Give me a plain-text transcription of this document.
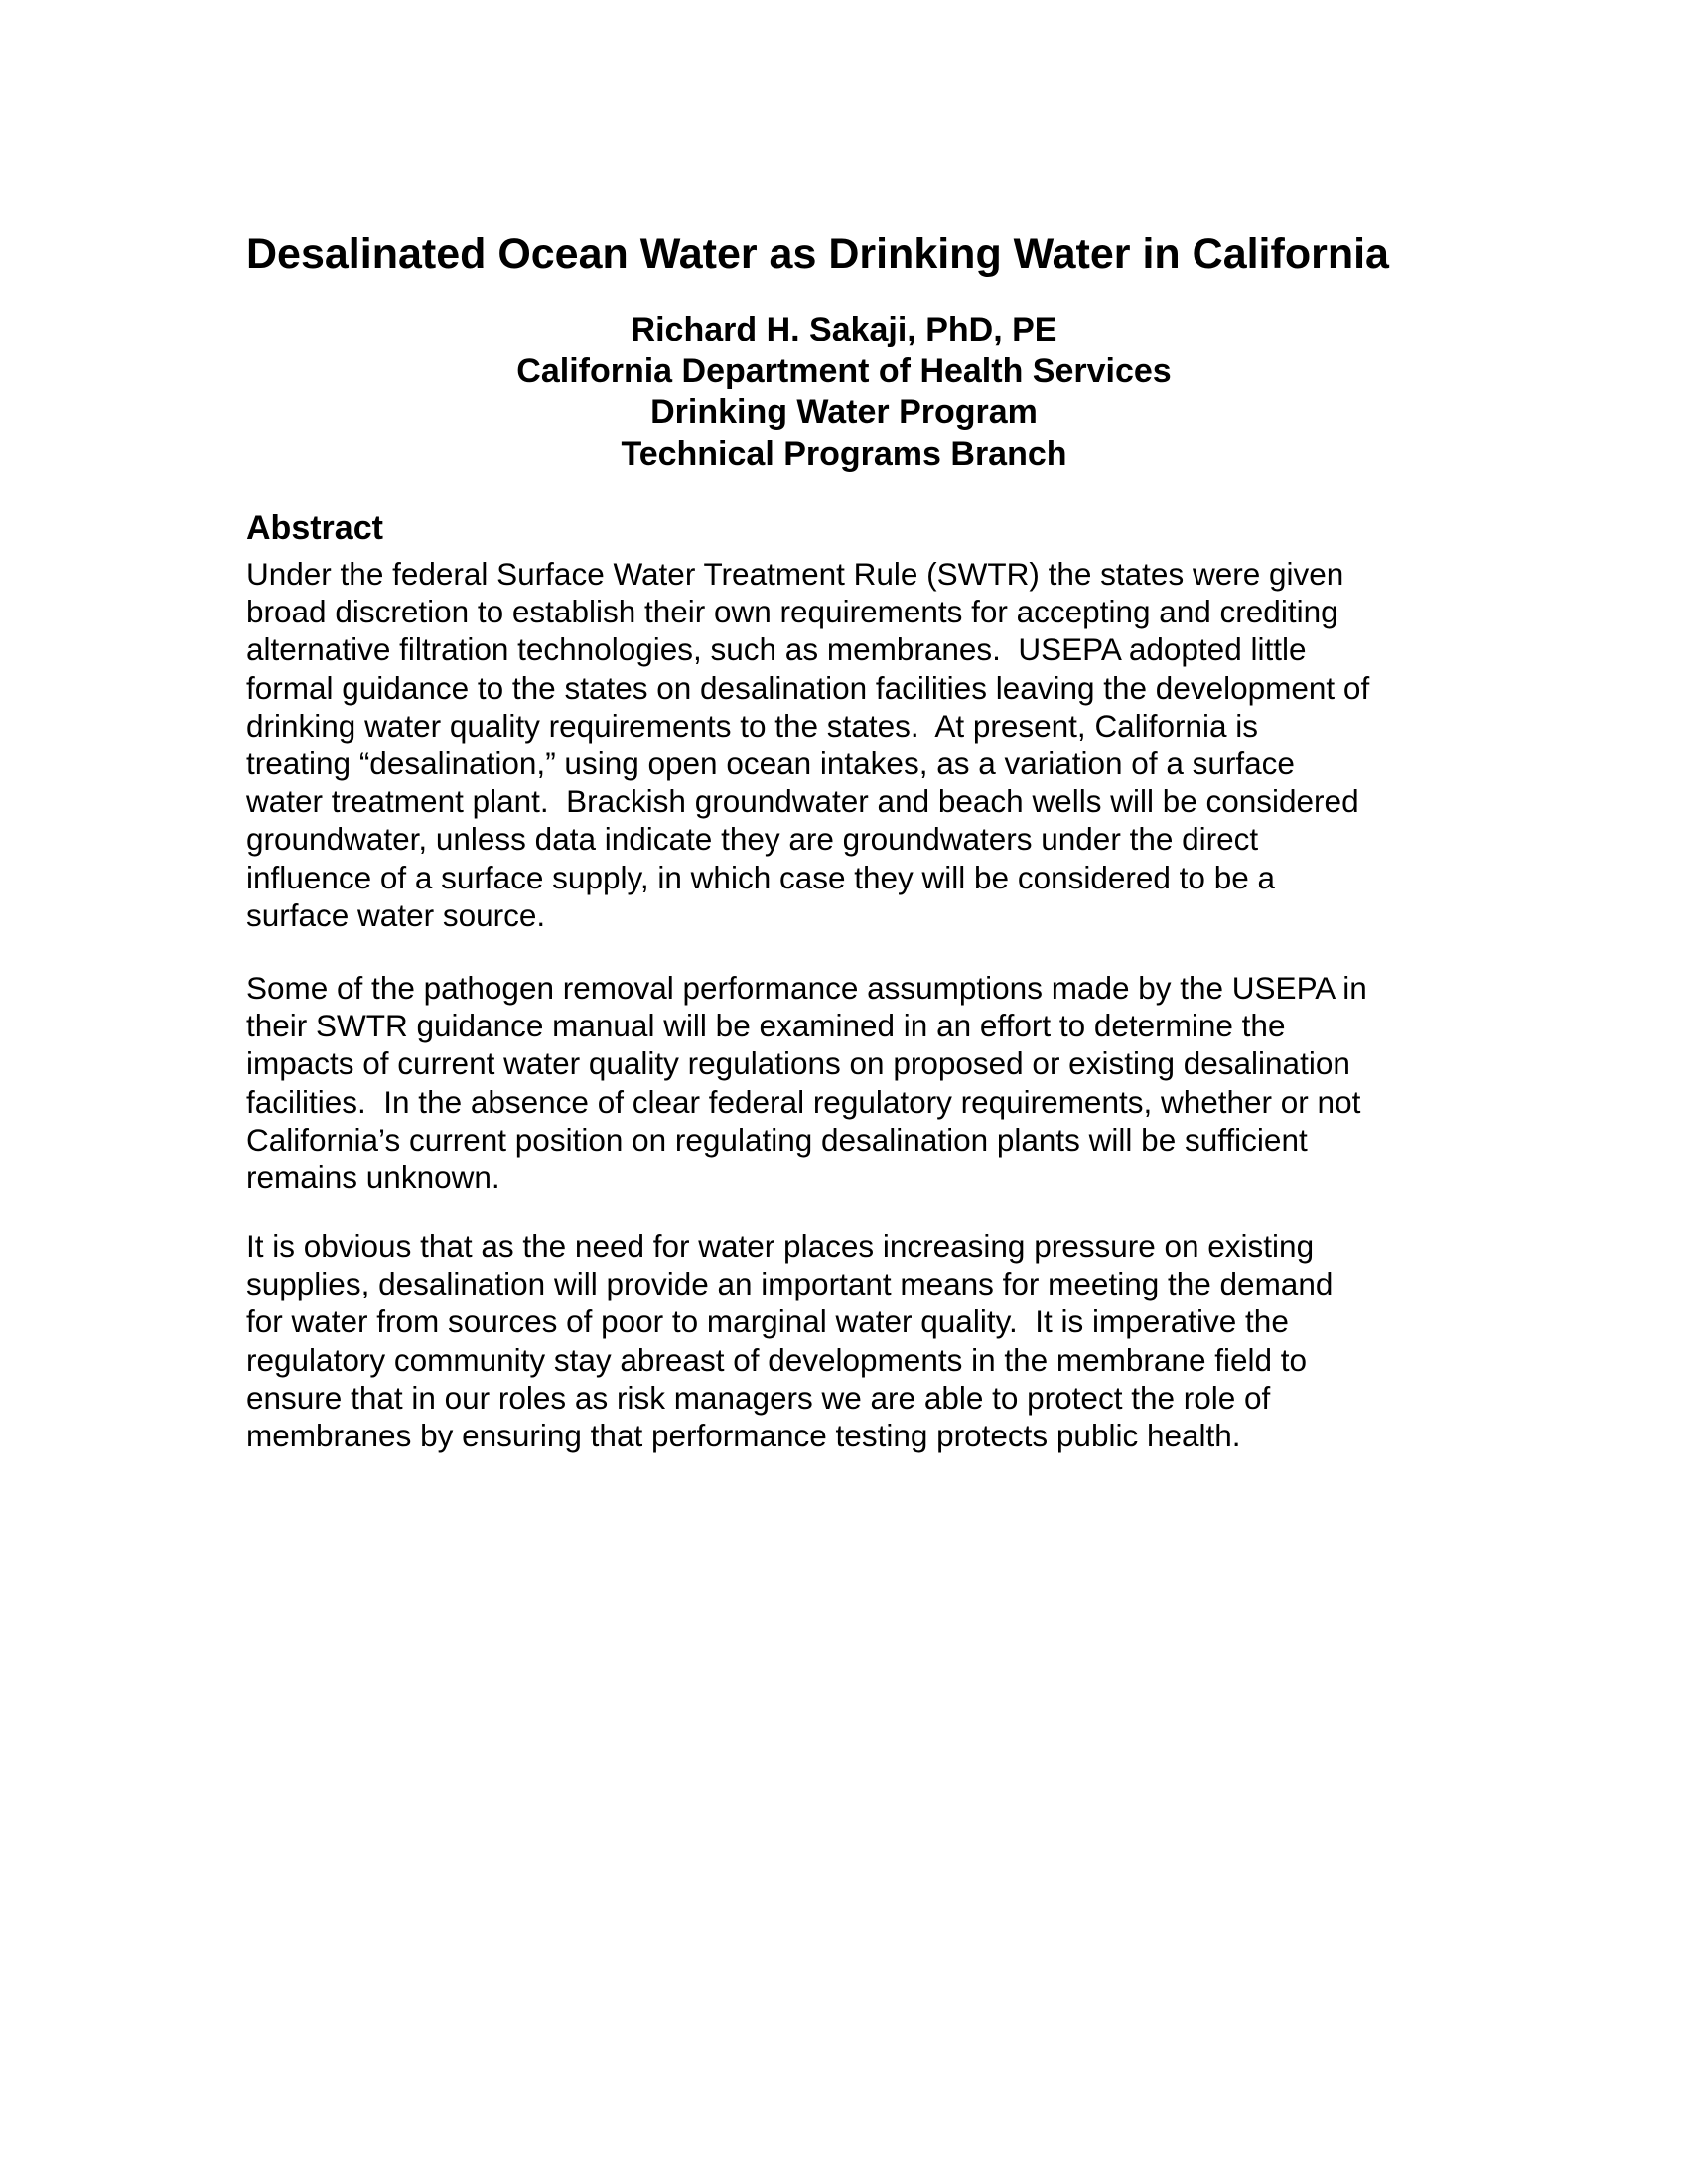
Desalinated Ocean Water as Drinking Water in California
Richard H. Sakaji, PhD, PE
California Department of Health Services
Drinking Water Program
Technical Programs Branch
Abstract

Under the federal Surface Water Treatment Rule (SWTR) the states were given
broad discretion to establish their own requirements for accepting and crediting
alternative filtration technologies, such as membranes.  USEPA adopted little
formal guidance to the states on desalination facilities leaving the development of
drinking water quality requirements to the states.  At present, California is
treating “desalination,” using open ocean intakes, as a variation of a surface
water treatment plant.  Brackish groundwater and beach wells will be considered
groundwater, unless data indicate they are groundwaters under the direct
influence of a surface supply, in which case they will be considered to be a
surface water source.

Some of the pathogen removal performance assumptions made by the USEPA in
their SWTR guidance manual will be examined in an effort to determine the
impacts of current water quality regulations on proposed or existing desalination
facilities.  In the absence of clear federal regulatory requirements, whether or not
California’s current position on regulating desalination plants will be sufficient
remains unknown.

It is obvious that as the need for water places increasing pressure on existing
supplies, desalination will provide an important means for meeting the demand
for water from sources of poor to marginal water quality.  It is imperative the
regulatory community stay abreast of developments in the membrane field to
ensure that in our roles as risk managers we are able to protect the role of
membranes by ensuring that performance testing protects public health.
